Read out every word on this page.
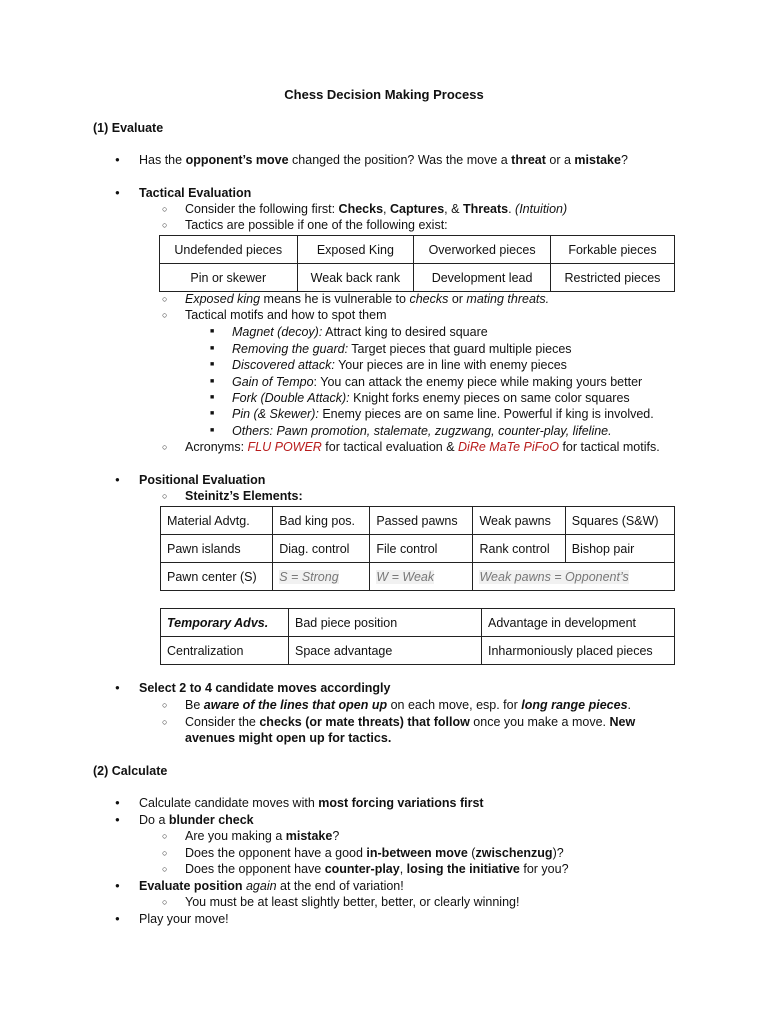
Chess Decision Making Process
(1) Evaluate
● Has the opponent’s move changed the position? Was the move a threat or a mistake?
● Tactical Evaluation
○ Consider the following first: Checks, Captures, & Threats. (Intuition)
○ Tactics are possible if one of the following exist:
Undefended pieces	Exposed King	Overworked pieces	Forkable pieces
Pin or skewer	Weak back rank	Development lead	Restricted pieces
○ Exposed king means he is vulnerable to checks or mating threats.
○ Tactical motifs and how to spot them
■ Magnet (decoy): Attract king to desired square
■ Removing the guard: Target pieces that guard multiple pieces
■ Discovered attack: Your pieces are in line with enemy pieces
■ Gain of Tempo: You can attack the enemy piece while making yours better
■ Fork (Double Attack): Knight forks enemy pieces on same color squares
■ Pin (& Skewer): Enemy pieces are on same line. Powerful if king is involved.
■ Others: Pawn promotion, stalemate, zugzwang, counter-play, lifeline.
○ Acronyms: FLU POWER for tactical evaluation & DiRe MaTe PiFoO for tactical motifs.
● Positional Evaluation
○ Steinitz’s Elements:
Material Advtg.	Bad king pos.	Passed pawns	Weak pawns	Squares (S&W)
Pawn islands	Diag. control	File control	Rank control	Bishop pair
Pawn center (S)	S = Strong	W = Weak	Weak pawns = Opponent’s	
Temporary Advs.	Bad piece position	Advantage in development
Centralization	Space advantage	Inharmoniously placed pieces
● Select 2 to 4 candidate moves accordingly
○ Be aware of the lines that open up on each move, esp. for long range pieces.
○ Consider the checks (or mate threats) that follow once you make a move. New
avenues might open up for tactics.
(2) Calculate
● Calculate candidate moves with most forcing variations first
● Do a blunder check
○ Are you making a mistake?
○ Does the opponent have a good in-between move (zwischenzug)?
○ Does the opponent have counter-play, losing the initiative for you?
● Evaluate position again at the end of variation!
○ You must be at least slightly better, better, or clearly winning!
● Play your move!
